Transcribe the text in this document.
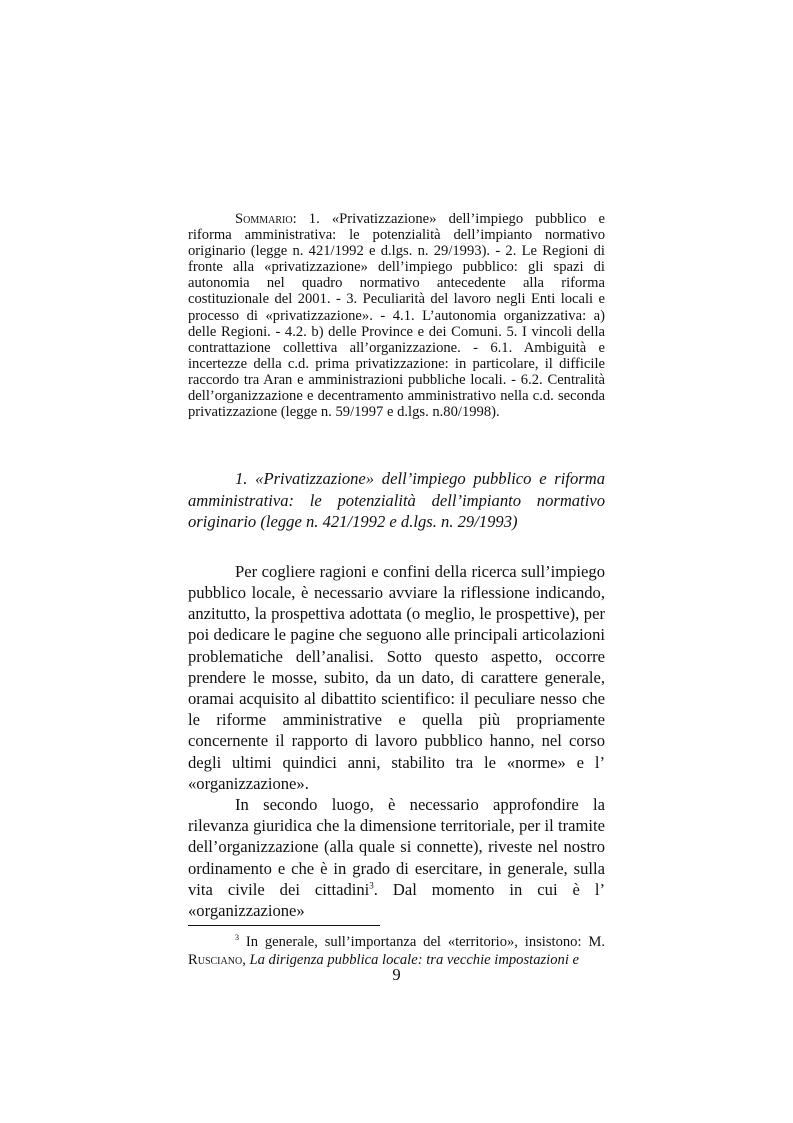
Sommario: 1. «Privatizzazione» dell’impiego pubblico e riforma amministrativa: le potenzialità dell’impianto normativo originario (legge n. 421/1992 e d.lgs. n. 29/1993). - 2. Le Regioni di fronte alla «privatizzazione» dell’impiego pubblico: gli spazi di autonomia nel quadro normativo antecedente alla riforma costituzionale del 2001. - 3. Peculiarità del lavoro negli Enti locali e processo di «privatizzazione». - 4.1. L’autonomia organizzativa: a) delle Regioni. - 4.2. b) delle Province e dei Comuni. 5. I vincoli della contrattazione collettiva all’organizzazione. - 6.1. Ambiguità e incertezze della c.d. prima privatizzazione: in particolare, il difficile raccordo tra Aran e amministrazioni pubbliche locali. - 6.2. Centralità dell’organizzazione e decentramento amministrativo nella c.d. seconda privatizzazione (legge n. 59/1997 e d.lgs. n.80/1998).

1. «Privatizzazione» dell’impiego pubblico e riforma amministrativa: le potenzialità dell’impianto normativo originario (legge n. 421/1992 e d.lgs. n. 29/1993)

Per cogliere ragioni e confini della ricerca sull’impiego pubblico locale, è necessario avviare la riflessione indicando, anzitutto, la prospettiva adottata (o meglio, le prospettive), per poi dedicare le pagine che seguono alle principali articolazioni problematiche dell’analisi. Sotto questo aspetto, occorre prendere le mosse, subito, da un dato, di carattere generale, oramai acquisito al dibattito scientifico: il peculiare nesso che le riforme amministrative e quella più propriamente concernente il rapporto di lavoro pubblico hanno, nel corso degli ultimi quindici anni, stabilito tra le «norme» e l’ «organizzazione».

In secondo luogo, è necessario approfondire la rilevanza giuridica che la dimensione territoriale, per il tramite dell’organizzazione (alla quale si connette), riveste nel nostro ordinamento e che è in grado di esercitare, in generale, sulla vita civile dei cittadini$^3$. Dal momento in cui è l’ «organizzazione»

$^3$ In generale, sull’importanza del «territorio», insistono: M. Rusciano, La dirigenza pubblica locale: tra vecchie impostazioni e

9
